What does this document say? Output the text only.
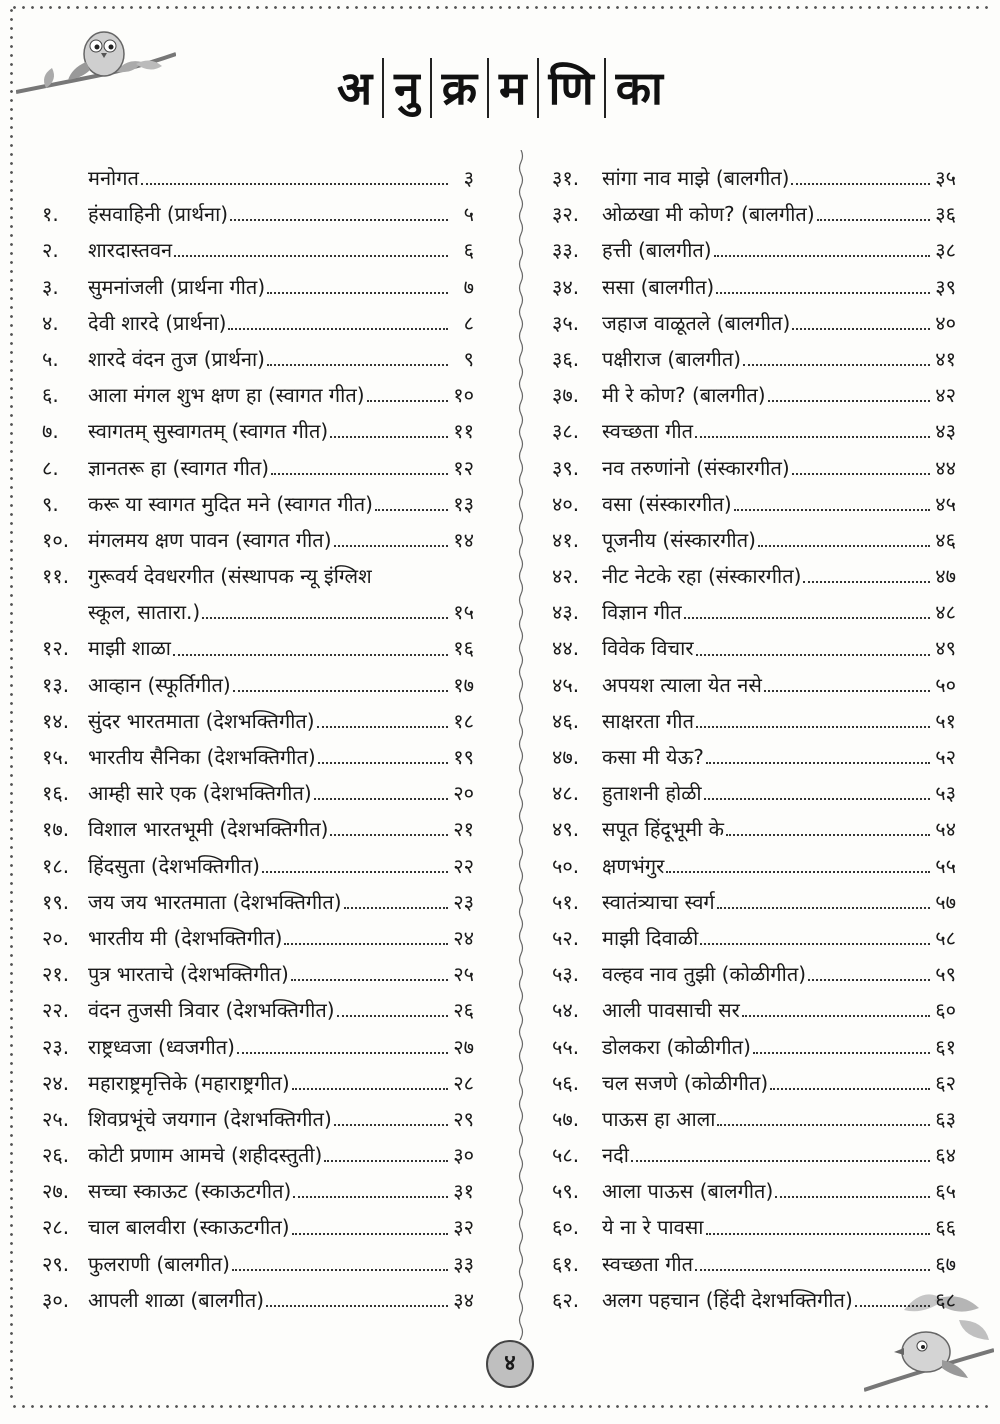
अ नु क्र म णि का
मनोगत	३
१.	हंसवाहिनी (प्रार्थना)	५
२.	शारदास्तवन	६
३.	सुमनांजली (प्रार्थना गीत)	७
४.	देवी शारदे (प्रार्थना)	८
५.	शारदे वंदन तुज (प्रार्थना)	९
६.	आला मंगल शुभ क्षण हा (स्वागत गीत)	१०
७.	स्वागतम्‌ सुस्वागतम्‌ (स्वागत गीत)	११
८.	ज्ञानतरू हा (स्वागत गीत)	१२
९.	करू या स्वागत मुदित मने (स्वागत गीत)	१३
१०. मंगलमय क्षण पावन (स्वागत गीत)	१४
११. गुरूवर्य देवधरगीत (संस्थापक न्यू इंग्लिश
स्कूल, सातारा.)	१५
१२. माझी शाळा	१६
१३. आव्हान (स्फूर्तिगीत)	१७
१४. सुंदर भारतमाता (देशभक्तिगीत)	१८
१५. भारतीय सैनिका (देशभक्तिगीत)	१९
१६. आम्ही सारे एक (देशभक्तिगीत)	२०
१७. विशाल भारतभूमी (देशभक्तिगीत)	२१
१८. हिंदसुता (देशभक्तिगीत)	२२
१९. जय जय भारतमाता (देशभक्तिगीत)	२३
२०. भारतीय मी (देशभक्तिगीत)	२४
२१. पुत्र भारताचे (देशभक्तिगीत)	२५
२२. वंदन तुजसी त्रिवार (देशभक्तिगीत)	२६
२३. राष्ट्रध्वजा (ध्वजगीत)	२७
२४. महाराष्ट्रमृत्तिके (महाराष्ट्रगीत)	२८
२५. शिवप्रभूंचे जयगान (देशभक्तिगीत)	२९
२६. कोटी प्रणाम आमचे (शहीदस्तुती)	३०
२७. सच्चा स्काऊट (स्काऊटगीत)	३१
२८. चाल बालवीरा (स्काऊटगीत)	३२
२९. फुलराणी (बालगीत)	३३
३०. आपली शाळा (बालगीत)	३४
३१.	सांगा नाव माझे (बालगीत)	३५
३२.	ओळखा मी कोण? (बालगीत)	३६
३३.	हत्ती (बालगीत)	३८
३४.	ससा (बालगीत)	३९
३५.	जहाज वाळूतले (बालगीत)	४०
३६.	पक्षीराज (बालगीत)	४१
३७.	मी रे कोण? (बालगीत)	४२
३८.	स्वच्छता गीत	४३
३९.	नव तरुणांनो (संस्कारगीत)	४४
४०.	वसा (संस्कारगीत)	४५
४१.	पूजनीय (संस्कारगीत)	४६
४२.	नीट नेटके रहा (संस्कारगीत)	४७
४३.	विज्ञान गीत	४८
४४.	विवेक विचार	४९
४५.	अपयश त्याला येत नसे	५०
४६.	साक्षरता गीत	५१
४७.	कसा मी येऊ?	५२
४८.	हुताशनी होळी	५३
४९.	सपूत हिंदूभूमी के	५४
५०.	क्षणभंगुर	५५
५१.	स्वातंत्र्याचा स्वर्ग	५७
५२.	माझी दिवाळी	५८
५३.	वल्हव नाव तुझी (कोळीगीत)	५९
५४.	आली पावसाची सर	६०
५५.	डोलकरा (कोळीगीत)	६१
५६.	चल सजणे (कोळीगीत)	६२
५७.	पाऊस हा आला	६३
५८.	नदी	६४
५९.	आला पाऊस (बालगीत)	६५
६०.	ये ना रे पावसा	६६
६१.	स्वच्छता गीत	६७
६२.	अलग पहचान (हिंदी देशभक्तिगीत)	६८
४
